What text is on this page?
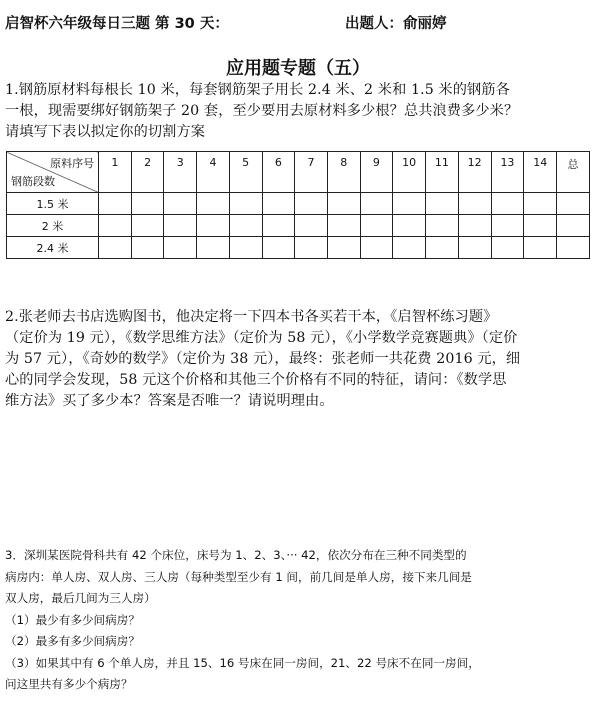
启智杯六年级每日三题 第 30 天：	出题人：俞丽婷
应用题专题（五）
1.钢筋原材料每根长 10 米，每套钢筋架子用长 2.4 米、2 米和 1.5 米的钢筋各
一根，现需要绑好钢筋架子 20 套，至少要用去原材料多少根？总共浪费多少米？
请填写下表以拟定你的切割方案
原料序号
钢筋段数	1	2	3	4	5	6	7	8	9	10	11	12	13	14	总
1.5 米															
2 米															
2.4 米															
2.张老师去书店选购图书，他决定将一下四本书各买若干本，《启智杯练习题》
（定价为 19 元），《数学思维方法》（定价为 58 元），《小学数学竞赛题典》（定价
为 57 元），《奇妙的数学》（定价为 38 元），最终：张老师一共花费 2016 元，细
心的同学会发现，58 元这个价格和其他三个价格有不同的特征，请问：《数学思
维方法》买了多少本？答案是否唯一？请说明理由。
3．深圳某医院骨科共有 42 个床位，床号为 1、2、3、··· 42，依次分布在三种不同类型的
病房内：单人房、双人房、三人房（每种类型至少有 1 间，前几间是单人房，接下来几间是
双人房，最后几间为三人房）
（1）最少有多少间病房？
（2）最多有多少间病房？
（3）如果其中有 6 个单人房，并且 15、16 号床在同一房间，21、22 号床不在同一房间，
问这里共有多少个病房？
